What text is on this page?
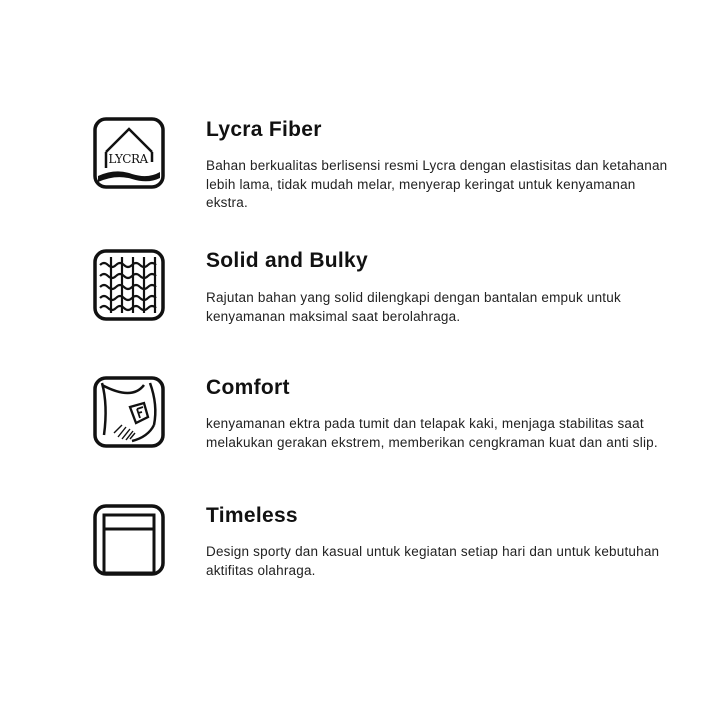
LYCRA
Lycra Fiber
Bahan berkualitas berlisensi resmi Lycra dengan elastisitas dan ketahanan lebih lama, tidak mudah melar, menyerap keringat untuk kenyamanan ekstra.
Solid and Bulky
Rajutan bahan yang solid dilengkapi dengan bantalan empuk untuk kenyamanan maksimal saat berolahraga.
Comfort
kenyamanan ektra pada tumit dan telapak kaki, menjaga stabilitas saat melakukan gerakan ekstrem, memberikan cengkraman kuat dan anti slip.
Timeless
Design sporty dan kasual untuk kegiatan setiap hari dan untuk kebutuhan aktifitas olahraga.
